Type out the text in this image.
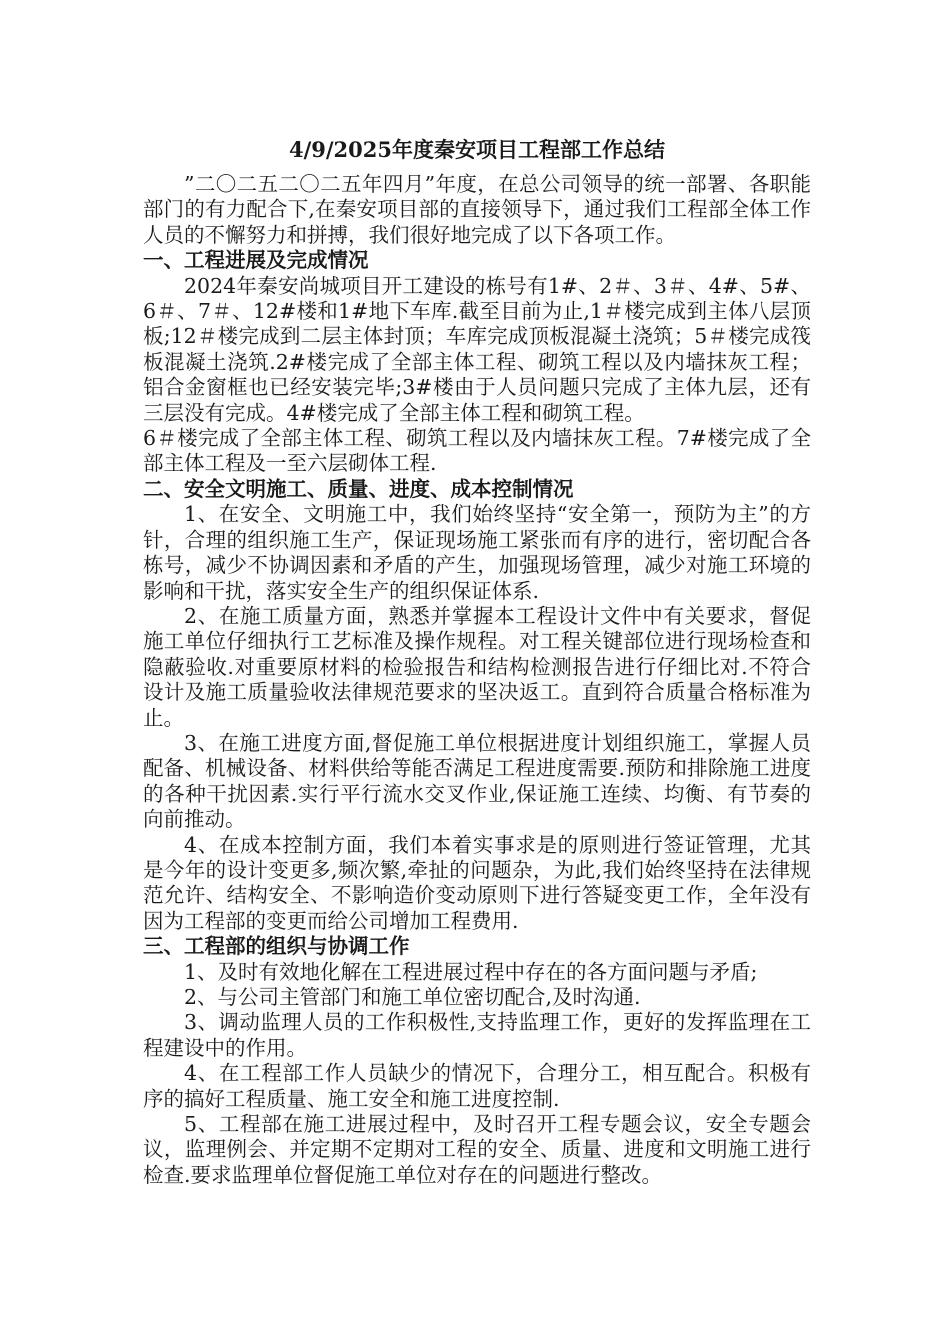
4/9/2025年度秦安项目工程部工作总结

”二〇二五二〇二五年四月”年度，在总公司领导的统一部署、各职能部门的有力配合下,在秦安项目部的直接领导下，通过我们工程部全体工作人员的不懈努力和拼搏，我们很好地完成了以下各项工作。

一、工程进展及完成情况

2024年秦安尚城项目开工建设的栋号有1#、2＃、3＃、4#、5#、6＃、7＃、12#楼和1#地下车库.截至目前为止,1＃楼完成到主体八层顶板;12＃楼完成到二层主体封顶；车库完成顶板混凝土浇筑；5＃楼完成筏板混凝土浇筑.2#楼完成了全部主体工程、砌筑工程以及内墙抹灰工程；铝合金窗框也已经安装完毕;3#楼由于人员问题只完成了主体九层，还有三层没有完成。4#楼完成了全部主体工程和砌筑工程。

6＃楼完成了全部主体工程、砌筑工程以及内墙抹灰工程。7#楼完成了全部主体工程及一至六层砌体工程.

二、安全文明施工、质量、进度、成本控制情况

1、在安全、文明施工中，我们始终坚持“安全第一，预防为主”的方针，合理的组织施工生产，保证现场施工紧张而有序的进行，密切配合各栋号，减少不协调因素和矛盾的产生，加强现场管理，减少对施工环境的影响和干扰，落实安全生产的组织保证体系.

2、在施工质量方面，熟悉并掌握本工程设计文件中有关要求，督促施工单位仔细执行工艺标准及操作规程。对工程关键部位进行现场检查和隐蔽验收.对重要原材料的检验报告和结构检测报告进行仔细比对.不符合设计及施工质量验收法律规范要求的坚决返工。直到符合质量合格标准为止。

3、在施工进度方面,督促施工单位根据进度计划组织施工，掌握人员配备、机械设备、材料供给等能否满足工程进度需要.预防和排除施工进度的各种干扰因素.实行平行流水交叉作业,保证施工连续、均衡、有节奏的向前推动。

4、在成本控制方面，我们本着实事求是的原则进行签证管理，尤其是今年的设计变更多,频次繁,牵扯的问题杂，为此,我们始终坚持在法律规范允许、结构安全、不影响造价变动原则下进行答疑变更工作，全年没有因为工程部的变更而给公司增加工程费用.

三、工程部的组织与协调工作

1、及时有效地化解在工程进展过程中存在的各方面问题与矛盾;

2、与公司主管部门和施工单位密切配合,及时沟通.

3、调动监理人员的工作积极性,支持监理工作，更好的发挥监理在工程建设中的作用。

4、在工程部工作人员缺少的情况下，合理分工，相互配合。积极有序的搞好工程质量、施工安全和施工进度控制.

5、工程部在施工进展过程中，及时召开工程专题会议，安全专题会议，监理例会、并定期不定期对工程的安全、质量、进度和文明施工进行检查.要求监理单位督促施工单位对存在的问题进行整改。
